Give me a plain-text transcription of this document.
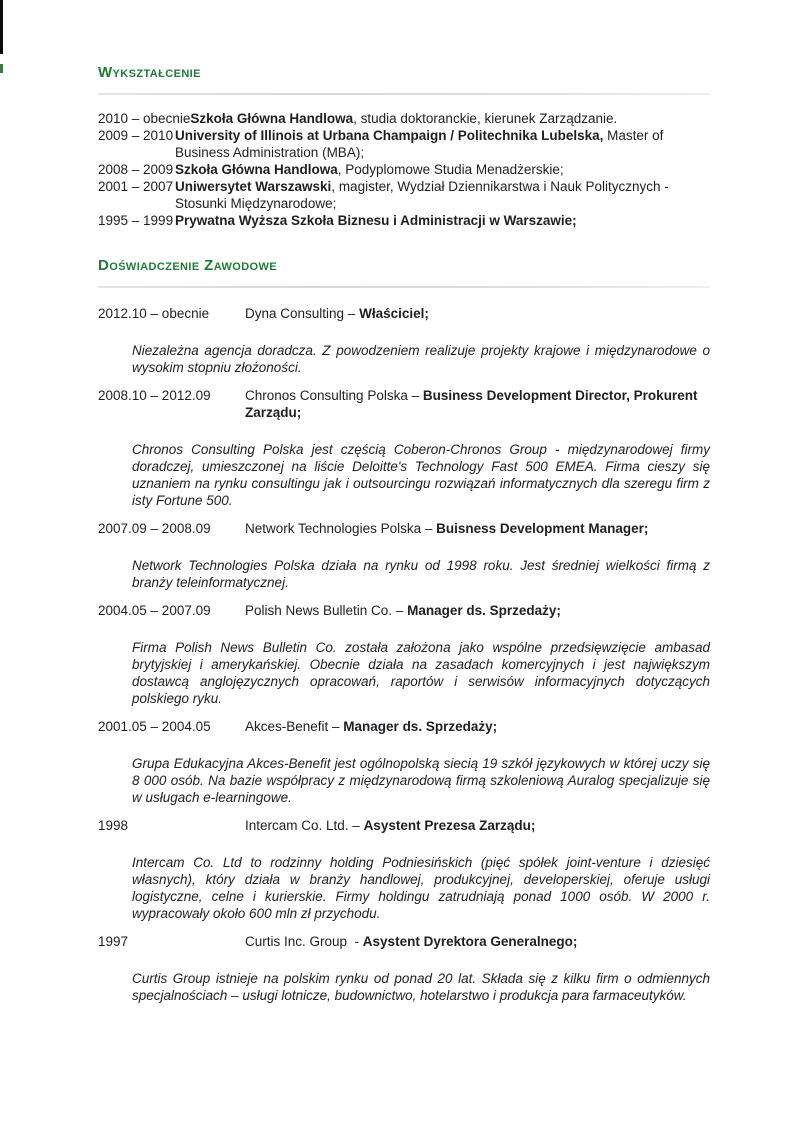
Wykształcenie
2010 – obecnie Szkoła Główna Handlowa, studia doktoranckie, kierunek Zarządzanie.
2009 – 2010 University of Illinois at Urbana Champaign / Politechnika Lubelska, Master of Business Administration (MBA);
2008 – 2009 Szkoła Główna Handlowa, Podyplomowe Studia Menadżerskie;
2001 – 2007 Uniwersytet Warszawski, magister, Wydział Dziennikarstwa i Nauk Politycznych - Stosunki Międzynarodowe;
1995 – 1999 Prywatna Wyższa Szkoła Biznesu i Administracji w Warszawie;
Doświadczenie Zawodowe
2012.10 – obecnie	Dyna Consulting – Właściciel;

Niezależna agencja doradcza. Z powodzeniem realizuje projekty krajowe i międzynarodowe o wysokim stopniu złożoności.

2008.10 – 2012.09	Chronos Consulting Polska – Business Development Director, Prokurent Zarządu;

Chronos Consulting Polska jest częścią Coberon-Chronos Group - międzynarodowej firmy doradczej, umieszczonej na liście Deloitte's Technology Fast 500 EMEA. Firma cieszy się uznaniem na rynku consultingu jak i outsourcingu rozwiązań informatycznych dla szeregu firm z isty Fortune 500.

2007.09 – 2008.09	Network Technologies Polska – Buisness Development Manager;

Network Technologies Polska działa na rynku od 1998 roku. Jest średniej wielkości firmą z branży teleinformatycznej.

2004.05 – 2007.09	Polish News Bulletin Co. – Manager ds. Sprzedaży;

Firma Polish News Bulletin Co. została założona jako wspólne przedsięwzięcie ambasad brytyjskiej i amerykańskiej. Obecnie działa na zasadach komercyjnych i jest największym dostawcą anglojęzycznych opracowań, raportów i serwisów informacyjnych dotyczących polskiego ryku.

2001.05 – 2004.05	Akces-Benefit – Manager ds. Sprzedaży;

Grupa Edukacyjna Akces-Benefit jest ogólnopolską siecią 19 szkół językowych w której uczy się 8 000 osób. Na bazie współpracy z międzynarodową firmą szkoleniową Auralog specjalizuje się w usługach e-learningowe.

1998	Intercam Co. Ltd. – Asystent Prezesa Zarządu;

Intercam Co. Ltd to rodzinny holding Podniesińskich (pięć spółek joint-venture i dziesięć własnych), który działa w branży handlowej, produkcyjnej, developerskiej, oferuje usługi logistyczne, celne i kurierskie. Firmy holdingu zatrudniają ponad 1000 osób. W 2000 r. wypracowały około 600 mln zł przychodu.

1997	Curtis Inc. Group  - Asystent Dyrektora Generalnego;

Curtis Group istnieje na polskim rynku od ponad 20 lat. Składa się z kilku firm o odmiennych specjalnościach – usługi lotnicze, budownictwo, hotelarstwo i produkcja para farmaceutyków.
